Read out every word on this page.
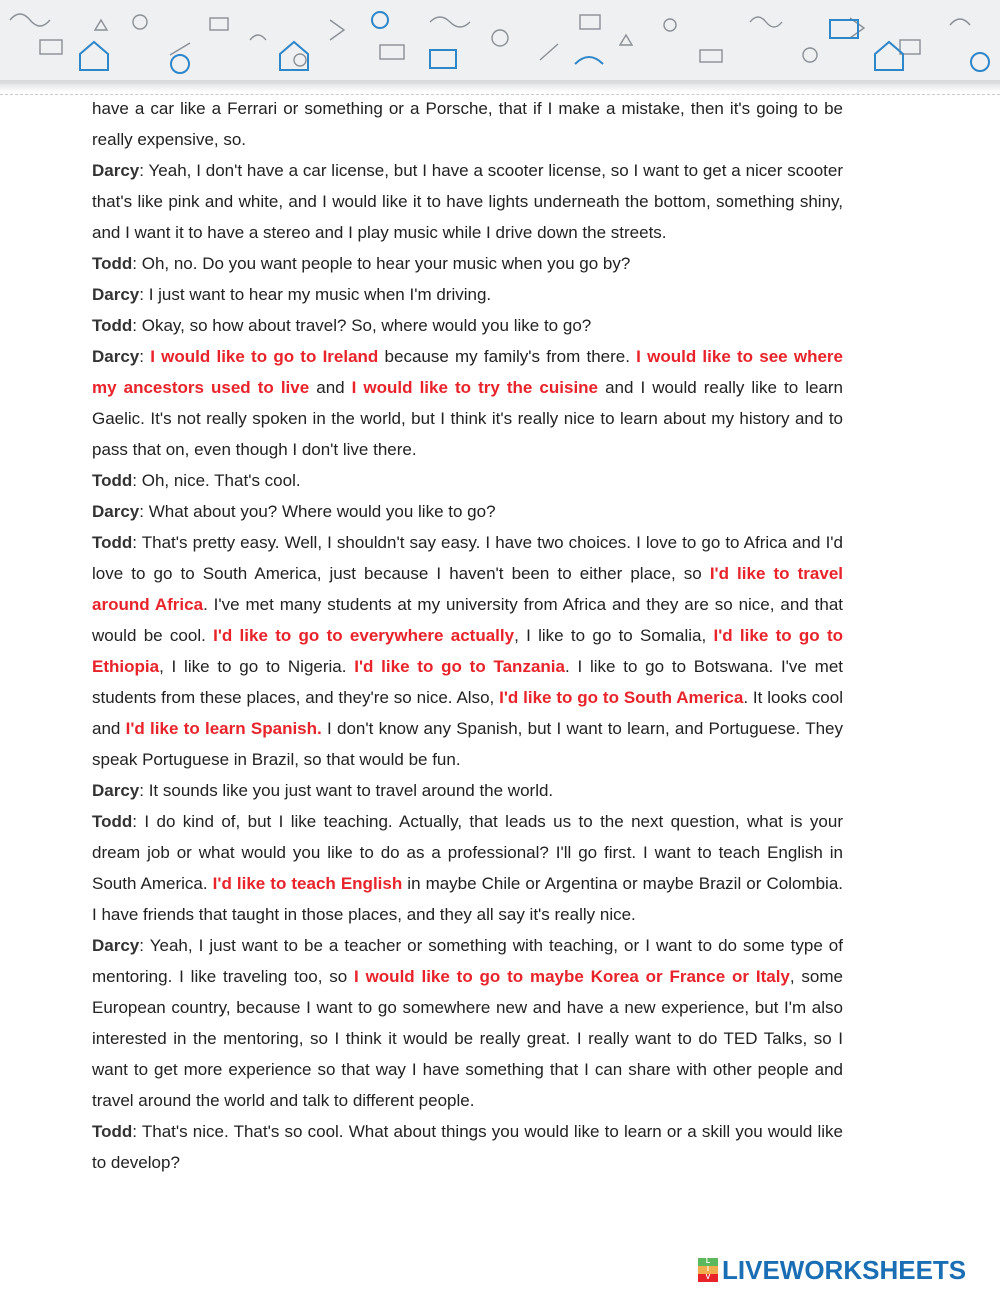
have a car like a Ferrari or something or a Porsche, that if I make a mistake, then it's going to be really expensive, so.

Darcy: Yeah, I don't have a car license, but I have a scooter license, so I want to get a nicer scooter that's like pink and white, and I would like it to have lights underneath the bottom, something shiny, and I want it to have a stereo and I play music while I drive down the streets.

Todd: Oh, no. Do you want people to hear your music when you go by?

Darcy: I just want to hear my music when I'm driving.

Todd: Okay, so how about travel? So, where would you like to go?

Darcy: I would like to go to Ireland because my family's from there. I would like to see where my ancestors used to live and I would like to try the cuisine and I would really like to learn Gaelic. It's not really spoken in the world, but I think it's really nice to learn about my history and to pass that on, even though I don't live there.

Todd: Oh, nice. That's cool.

Darcy: What about you? Where would you like to go?

Todd: That's pretty easy. Well, I shouldn't say easy. I have two choices. I love to go to Africa and I'd love to go to South America, just because I haven't been to either place, so I'd like to travel around Africa. I've met many students at my university from Africa and they are so nice, and that would be cool. I'd like to go to everywhere actually, I like to go to Somalia, I'd like to go to Ethiopia, I like to go to Nigeria. I'd like to go to Tanzania. I like to go to Botswana. I've met students from these places, and they're so nice. Also, I'd like to go to South America. It looks cool and I'd like to learn Spanish. I don't know any Spanish, but I want to learn, and Portuguese. They speak Portuguese in Brazil, so that would be fun.

Darcy: It sounds like you just want to travel around the world.

Todd: I do kind of, but I like teaching. Actually, that leads us to the next question, what is your dream job or what would you like to do as a professional? I'll go first. I want to teach English in South America. I'd like to teach English in maybe Chile or Argentina or maybe Brazil or Colombia. I have friends that taught in those places, and they all say it's really nice.

Darcy: Yeah, I just want to be a teacher or something with teaching, or I want to do some type of mentoring. I like traveling too, so I would like to go to maybe Korea or France or Italy, some European country, because I want to go somewhere new and have a new experience, but I'm also interested in the mentoring, so I think it would be really great. I really want to do TED Talks, so I want to get more experience so that way I have something that I can share with other people and travel around the world and talk to different people.

Todd: That's nice. That's so cool. What about things you would like to learn or a skill you would like to develop?

L
I
V LIVEWORKSHEETS
